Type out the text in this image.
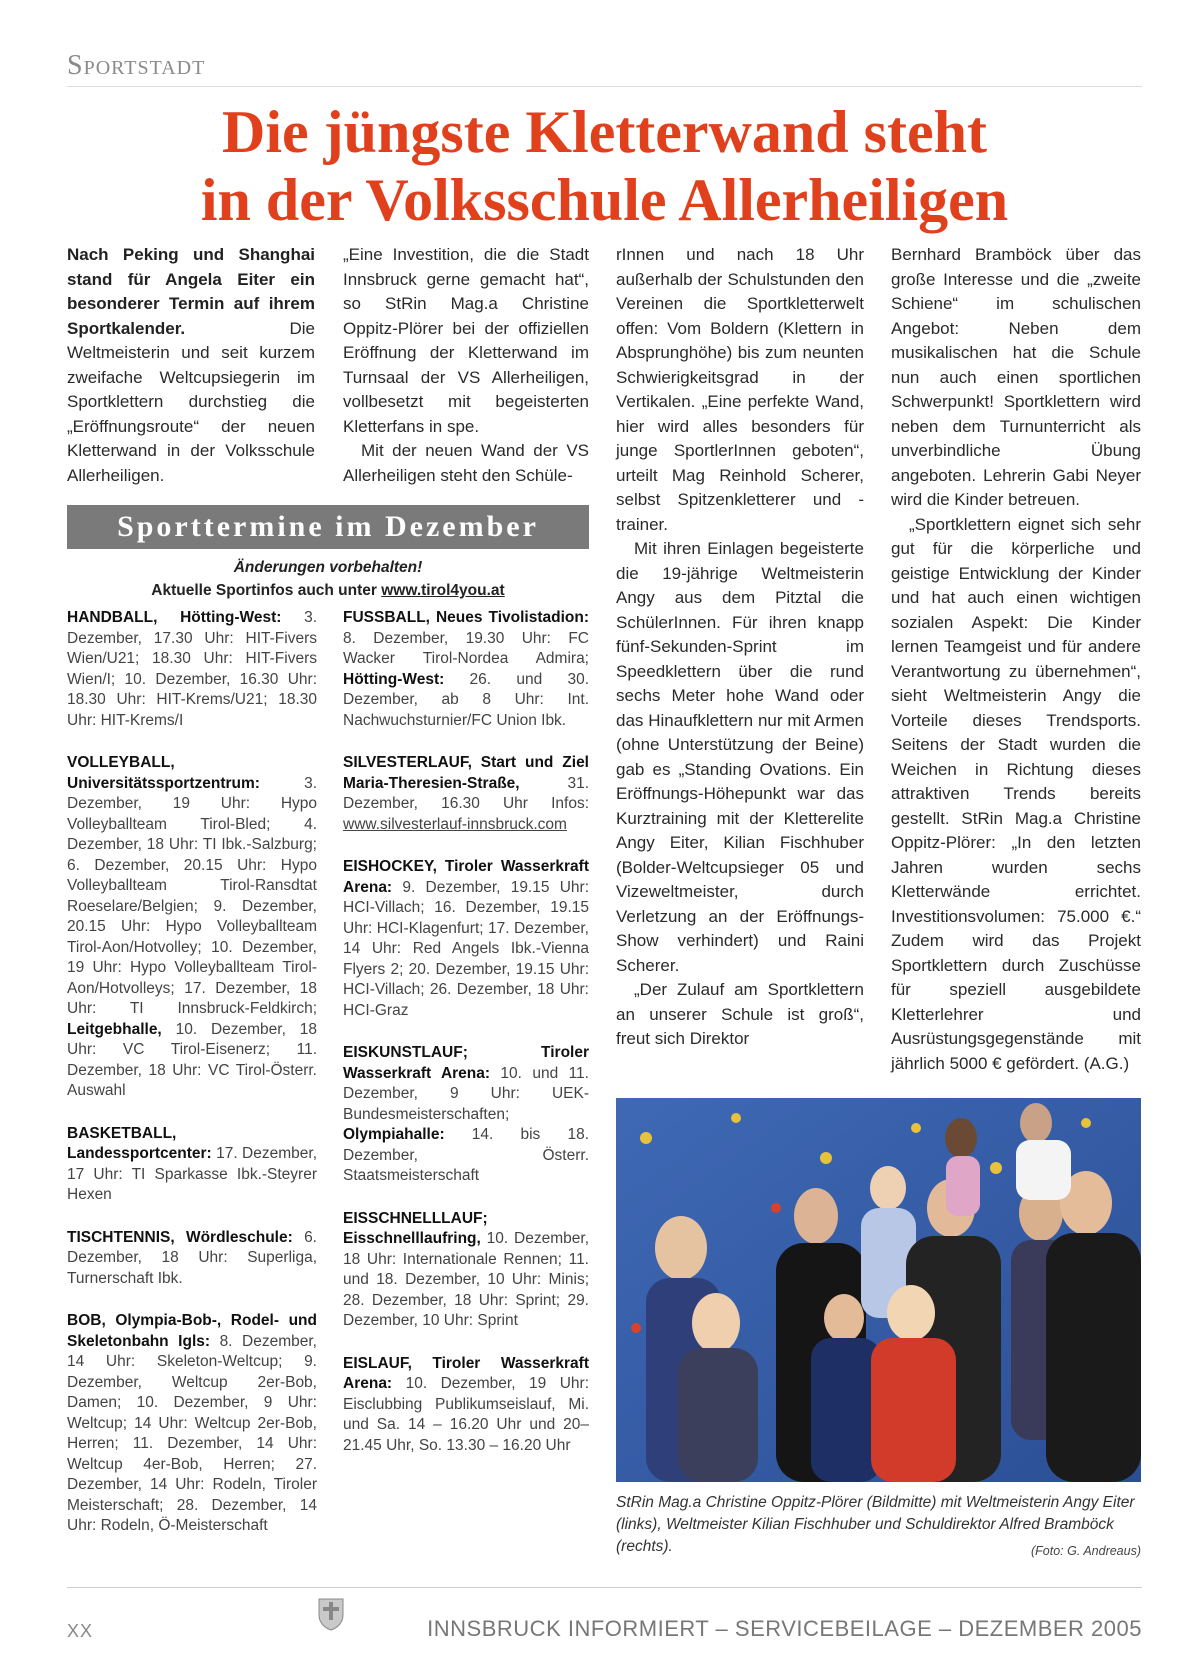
Sportstadt
Die jüngste Kletterwand steht
in der Volksschule Allerheiligen

Nach Peking und Shanghai stand für Angela Eiter ein besonderer Termin auf ihrem Sportkalender. Die Weltmeisterin und seit kurzem zweifache Weltcupsiegerin im Sportklettern durchstieg die „Eröffnungsroute“ der neuen Kletterwand in der Volksschule Allerheiligen.

„Eine Investition, die die Stadt Innsbruck gerne gemacht hat“, so StRin Mag.a Christine Oppitz-Plörer bei der offiziellen Eröffnung der Kletterwand im Turnsaal der VS Allerheiligen, vollbesetzt mit begeisterten Kletterfans in spe.

Mit der neuen Wand der VS Allerheiligen steht den Schüle-

rInnen und nach 18 Uhr außerhalb der Schulstunden den Vereinen die Sportkletterwelt offen: Vom Boldern (Klettern in Absprunghöhe) bis zum neunten Schwierigkeitsgrad in der Vertikalen. „Eine perfekte Wand, hier wird alles besonders für junge SportlerInnen geboten“, urteilt Mag Reinhold Scherer, selbst Spitzenkletterer und -trainer.

Mit ihren Einlagen begeisterte die 19-jährige Weltmeisterin Angy aus dem Pitztal die SchülerInnen. Für ihren knapp fünf-Sekunden-Sprint im Speedklettern über die rund sechs Meter hohe Wand oder das Hinaufklettern nur mit Armen (ohne Unterstützung der Beine) gab es „Standing Ovations. Ein Eröffnungs-Höhepunkt war das Kurztraining mit der Kletterelite Angy Eiter, Kilian Fischhuber (Bolder-Weltcupsieger 05 und Vizeweltmeister, durch Verletzung an der Eröffnungs-Show verhindert) und Raini Scherer.

„Der Zulauf am Sportklettern an unserer Schule ist groß“, freut sich Direktor

Bernhard Bramböck über das große Interesse und die „zweite Schiene“ im schulischen Angebot: Neben dem musikalischen hat die Schule nun auch einen sportlichen Schwerpunkt! Sportklettern wird neben dem Turnunterricht als unverbindliche Übung angeboten. Lehrerin Gabi Neyer wird die Kinder betreuen.

„Sportklettern eignet sich sehr gut für die körperliche und geistige Entwicklung der Kinder und hat auch einen wichtigen sozialen Aspekt: Die Kinder lernen Teamgeist und für andere Verantwortung zu übernehmen“, sieht Weltmeisterin Angy die Vorteile dieses Trendsports. Seitens der Stadt wurden die Weichen in Richtung dieses attraktiven Trends bereits gestellt. StRin Mag.a Christine Oppitz-Plörer: „In den letzten Jahren wurden sechs Kletterwände errichtet. Investitionsvolumen: 75.000 €.“ Zudem wird das Projekt Sportklettern durch Zuschüsse für speziell ausgebildete Kletterlehrer und Ausrüstungsgegenstände mit jährlich 5000 € gefördert. (A.G.)

Sporttermine im Dezember
Änderungen vorbehalten!
Aktuelle Sportinfos auch unter www.tirol4you.at

HANDBALL, Hötting-West: 3. Dezember, 17.30 Uhr: HIT-Fivers Wien/U21; 18.30 Uhr: HIT-Fivers Wien/I; 10. Dezember, 16.30 Uhr: 18.30 Uhr: HIT-Krems/U21; 18.30 Uhr: HIT-Krems/I

VOLLEYBALL, Universitätssportzentrum: 3. Dezember, 19 Uhr: Hypo Volleyballteam Tirol-Bled; 4. Dezember, 18 Uhr: TI Ibk.-Salzburg; 6. Dezember, 20.15 Uhr: Hypo Volleyballteam Tirol-Ransdtat Roeselare/Belgien; 9. Dezember, 20.15 Uhr: Hypo Volleyballteam Tirol-Aon/Hotvolley; 10. Dezember, 19 Uhr: Hypo Volleyballteam Tirol-Aon/Hotvolleys; 17. Dezember, 18 Uhr: TI Innsbruck-Feldkirch; Leitgebhalle, 10. Dezember, 18 Uhr: VC Tirol-Eisenerz; 11. Dezember, 18 Uhr: VC Tirol-Österr. Auswahl

BASKETBALL, Landessportcenter: 17. Dezember, 17 Uhr: TI Sparkasse Ibk.-Steyrer Hexen

TISCHTENNIS, Wördleschule: 6. Dezember, 18 Uhr: Superliga, Turnerschaft Ibk.

BOB, Olympia-Bob-, Rodel- und Skeletonbahn Igls: 8. Dezember, 14 Uhr: Skeleton-Weltcup; 9. Dezember, Weltcup 2er-Bob, Damen; 10. Dezember, 9 Uhr: Weltcup; 14 Uhr: Weltcup 2er-Bob, Herren; 11. Dezember, 14 Uhr: Weltcup 4er-Bob, Herren; 27. Dezember, 14 Uhr: Rodeln, Tiroler Meisterschaft; 28. Dezember, 14 Uhr: Rodeln, Ö-Meisterschaft

FUSSBALL, Neues Tivolistadion: 8. Dezember, 19.30 Uhr: FC Wacker Tirol-Nordea Admira; Hötting-West: 26. und 30. Dezember, ab 8 Uhr: Int. Nachwuchsturnier/FC Union Ibk.

SILVESTERLAUF, Start und Ziel Maria-Theresien-Straße, 31. Dezember, 16.30 Uhr Infos: www.silvesterlauf-innsbruck.com

EISHOCKEY, Tiroler Wasserkraft Arena: 9. Dezember, 19.15 Uhr: HCI-Villach; 16. Dezember, 19.15 Uhr: HCI-Klagenfurt; 17. Dezember, 14 Uhr: Red Angels Ibk.-Vienna Flyers 2; 20. Dezember, 19.15 Uhr: HCI-Villach; 26. Dezember, 18 Uhr: HCI-Graz

EISKUNSTLAUF; Tiroler Wasserkraft Arena: 10. und 11. Dezember, 9 Uhr: UEK-Bundesmeisterschaften; Olympiahalle: 14. bis 18. Dezember, Österr. Staatsmeisterschaft

EISSCHNELLLAUF; Eisschnelllaufring, 10. Dezember, 18 Uhr: Internationale Rennen; 11. und 18. Dezember, 10 Uhr: Minis; 28. Dezember, 18 Uhr: Sprint; 29. Dezember, 10 Uhr: Sprint

EISLAUF, Tiroler Wasserkraft Arena: 10. Dezember, 19 Uhr: Eisclubbing Publikumseislauf, Mi. und Sa. 14 – 16.20 Uhr und 20–21.45 Uhr, So. 13.30 – 16.20 Uhr

StRin Mag.a Christine Oppitz-Plörer (Bildmitte) mit Weltmeisterin Angy Eiter (links), Weltmeister Kilian Fischhuber und Schuldirektor Alfred Bramböck (rechts).	(Foto: G. Andreaus)
XX	INNSBRUCK INFORMIERT – SERVICEBEILAGE – DEZEMBER 2005
